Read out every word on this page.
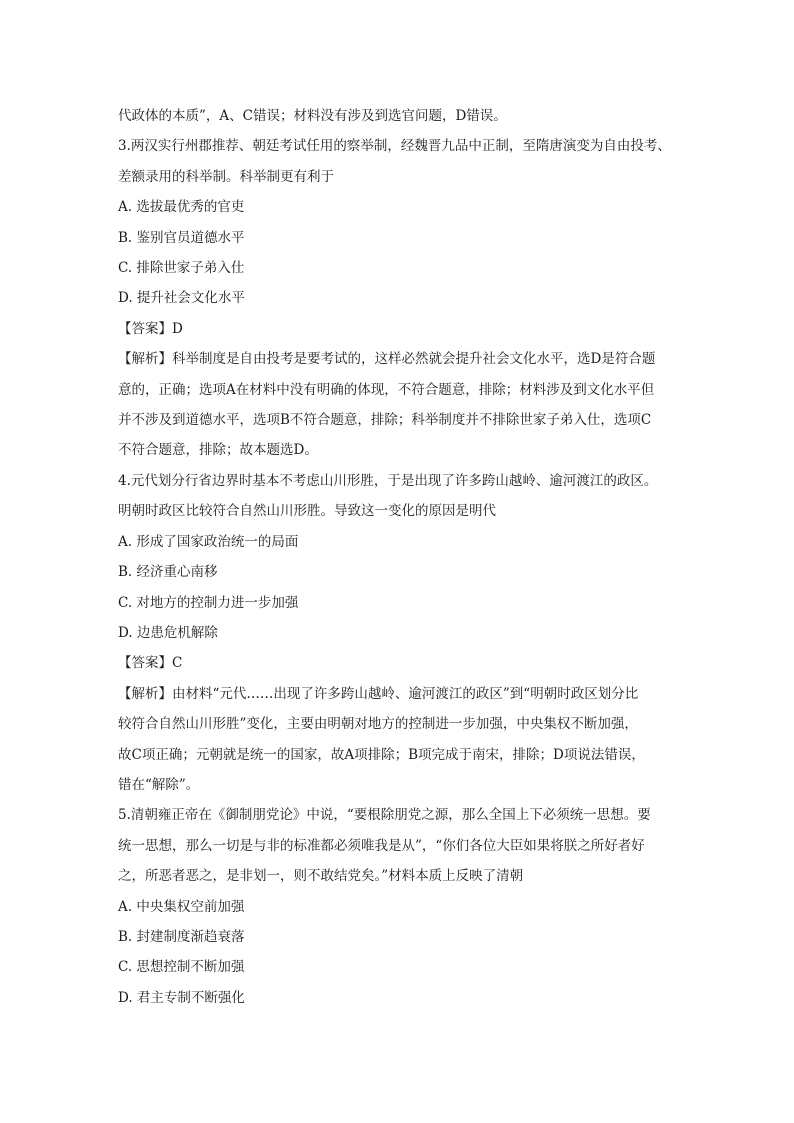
代政体的本质”，A、C错误；材料没有涉及到选官问题，D错误。
3.两汉实行州郡推荐、朝廷考试任用的察举制，经魏晋九品中正制，至隋唐演变为自由投考、
差额录用的科举制。科举制更有利于
A. 选拔最优秀的官吏
B. 鉴别官员道德水平
C. 排除世家子弟入仕
D. 提升社会文化水平
【答案】D
【解析】科举制度是自由投考是要考试的，这样必然就会提升社会文化水平，选D是符合题
意的，正确；选项A在材料中没有明确的体现，不符合题意，排除；材料涉及到文化水平但
并不涉及到道德水平，选项B不符合题意，排除；科举制度并不排除世家子弟入仕，选项C
不符合题意，排除；故本题选D。
4.元代划分行省边界时基本不考虑山川形胜，于是出现了许多跨山越岭、逾河渡江的政区。
明朝时政区比较符合自然山川形胜。导致这一变化的原因是明代
A. 形成了国家政治统一的局面
B. 经济重心南移
C. 对地方的控制力进一步加强
D. 边患危机解除
【答案】C
【解析】由材料“元代……出现了许多跨山越岭、逾河渡江的政区”到“明朝时政区划分比
较符合自然山川形胜”变化，主要由明朝对地方的控制进一步加强，中央集权不断加强，
故C项正确；元朝就是统一的国家，故A项排除；B项完成于南宋，排除；D项说法错误，
错在“解除”。
5.清朝雍正帝在《御制朋党论》中说，“要根除朋党之源，那么全国上下必须统一思想。要
统一思想，那么一切是与非的标准都必须唯我是从”，“你们各位大臣如果将朕之所好者好
之，所恶者恶之，是非划一，则不敢结党矣。”材料本质上反映了清朝
A. 中央集权空前加强
B. 封建制度渐趋衰落
C. 思想控制不断加强
D. 君主专制不断强化
